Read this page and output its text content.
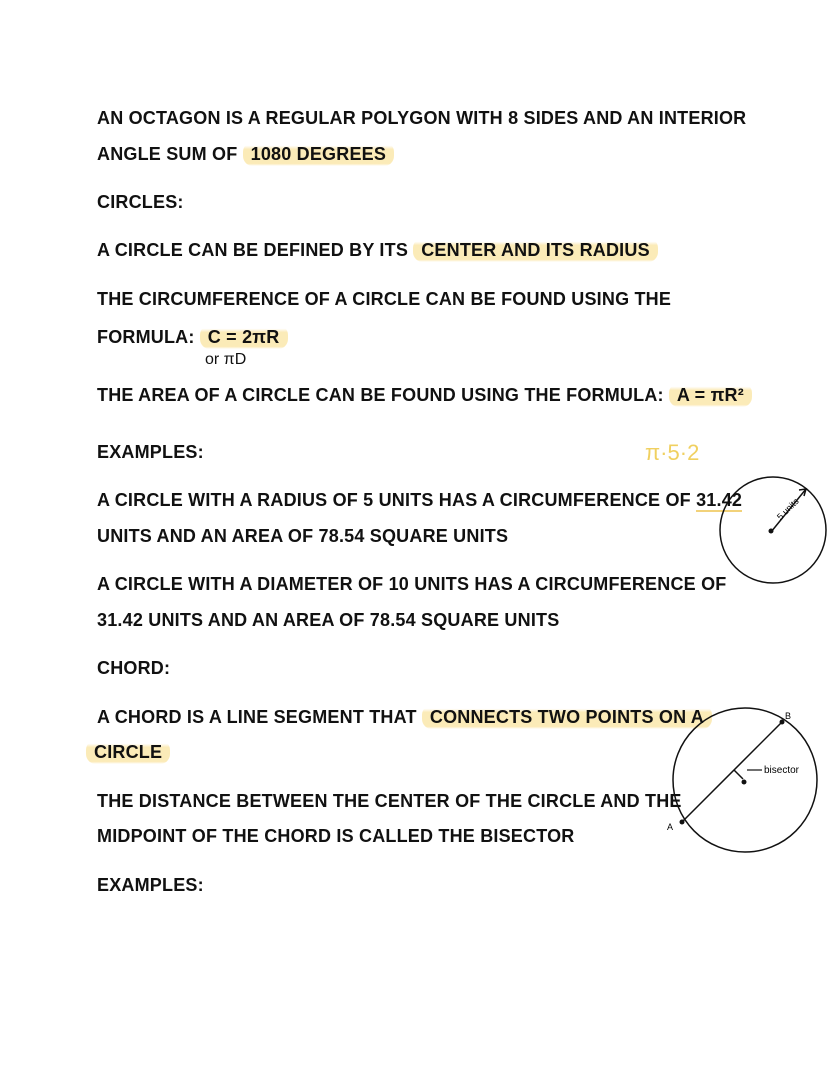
AN OCTAGON IS A REGULAR POLYGON WITH 8 SIDES AND AN INTERIOR
ANGLE SUM OF 1080 DEGREES
CIRCLES:
A CIRCLE CAN BE DEFINED BY ITS CENTER AND ITS RADIUS
THE CIRCUMFERENCE OF A CIRCLE CAN BE FOUND USING THE
FORMULA: C = 2πR
or πD
THE AREA OF A CIRCLE CAN BE FOUND USING THE FORMULA: A = πR²
EXAMPLES:	π·5·2
A CIRCLE WITH A RADIUS OF 5 UNITS HAS A CIRCUMFERENCE OF 31.42
UNITS AND AN AREA OF 78.54 SQUARE UNITS
A CIRCLE WITH A DIAMETER OF 10 UNITS HAS A CIRCUMFERENCE OF
31.42 UNITS AND AN AREA OF 78.54 SQUARE UNITS
CHORD:
A CHORD IS A LINE SEGMENT THAT CONNECTS TWO POINTS ON A
CIRCLE
THE DISTANCE BETWEEN THE CENTER OF THE CIRCLE AND THE
MIDPOINT OF THE CHORD IS CALLED THE BISECTOR
EXAMPLES:
5 units
bisector
A
B
